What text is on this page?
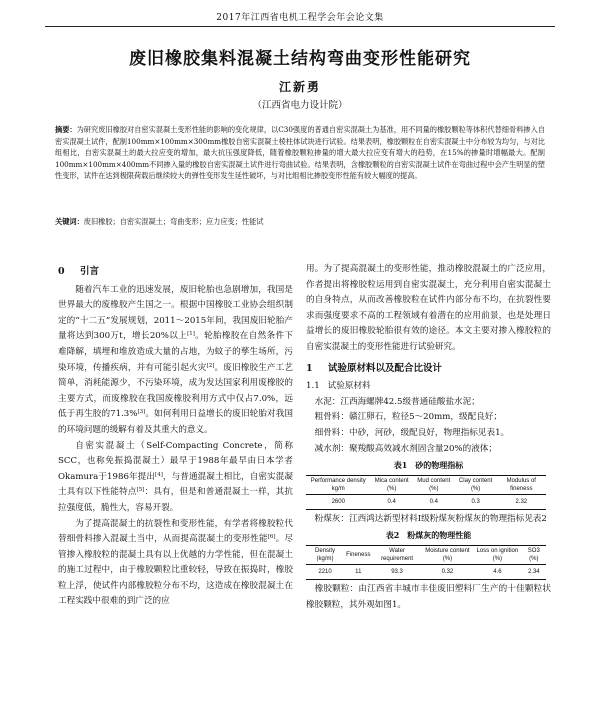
2017年江西省电机工程学会年会论文集
废旧橡胶集料混凝土结构弯曲变形性能研究
江新勇
（江西省电力设计院）
摘要：为研究废旧橡胶对自密实混凝土变形性能的影响的变化规律，以C30强度的普通自密实混凝土为基准，用不同量的橡胶颗粒等体积代替细骨料掺入自密实混凝土试件，配制100mm×100mm×300mm橡胶自密实混凝土棱柱体试块进行试验。结果表明，橡胶颗粒在自密实混凝土中分布较为均匀，与对比组相比，自密实混凝土的最大拉应变的增加，最大抗压强度降低，随着橡胶颗粒掺量的增大最大拉应变有增大的趋势，在15%的掺量时增幅最大。配制100mm×100mm×400mm不同掺入量的橡胶自密实混凝土试件进行弯曲试验。结果表明，含橡胶颗粒的自密实混凝土试件在弯曲过程中会产生明显的塑性变形，试件在达到极限荷载后继续较大的弹性变形发生延性破坏，与对比组相比掺胶变形性能有较大幅度的提高。
关键词：废旧橡胶；自密实混凝土；弯曲变形；应力应变；性能试
0 引言

随着汽车工业的迅速发展，废旧轮胎也急剧增加，我国是世界最大的废橡胶产生国之一。根据中国橡胶工业协会组织制定的“十二五”发展规划，2011～2015年间，我国废旧轮胎产量将达到300万t，增长20%以上[1]。轮胎橡胶在自然条件下难降解，填埋和堆放造成大量的占地，为蚊子的孳生场所，污染环境，传播疾病，并有可能引起火灾[2]。废旧橡胶生产工艺简单，消耗能源少，不污染环境，成为发达国家利用废橡胶的主要方式，而废橡胶在我国废橡胶利用方式中仅占7.0%，远低于再生胶的71.3%[3]。如何利用日益增长的废旧轮胎对我国的环境问题的缓解有着及其重大的意义。

自密实混凝土（Self-Compacting Concrete，简称SCC，也称免振捣混凝土）最早于1988年最早由日本学者Okamura于1986年提出[4]，与普通混凝土相比，自密实混凝土具有以下性能特点[5]：具有，但是和普通混凝土一样，其抗拉强度低，脆性大，容易开裂。

为了提高混凝土的抗裂性和变形性能，有学者将橡胶粒代替细骨料掺入混凝土当中，从而提高混凝土的变形性能[6]。尽管掺入橡胶粒的混凝土具有以上优越的力学性能，但在混凝土的施工过程中，由于橡胶颗粒比重较轻，导致在振捣时，橡胶粒上浮，使试件内部橡胶粒分布不均，这造成在橡胶混凝土在工程实践中很难的到广泛的应

用。为了提高混凝土的变形性能，推动橡胶混凝土的广泛应用，作者提出将橡胶粒运用到自密实混凝土，充分利用自密实混凝土的自身特点，从而改善橡胶粒在试件内部分布不均，在抗裂性要求而强度要求不高的工程领域有着潜在的应用前景，也是处理日益增长的废旧橡胶轮胎很有效的途径。本文主要对掺入橡胶粒的自密实混凝土的变形性能进行试验研究。

1 试验原材料以及配合比设计
1.1 试验原材料

水泥：江西海螺牌42.5级普通硅酸盐水泥；

粗骨料：赣江卵石，粒径5～20mm，级配良好；

细骨料：中砂，河砂，级配良好，物理指标见表1。

减水剂：聚羧酸高效减水剂固含量20%的液体；

表1　砂的物理指标
Performance density kg/m	Mica content (%)	Mud content (%)	Clay content (%)	Modulus of fineness
2600	0.4	0.4	0.3	2.32

粉煤灰：江西鸿达新型材料Ⅰ级粉煤灰粉煤灰的物理指标见表2

表2　粉煤灰的物理性能
Density (kg/m)	Fineness	Water requirement	Moisture content (%)	Loss on ignition (%)	SO3 (%)
2210	11	93.3	0.32	4.6	2.34

橡胶颗粒：由江西省丰城市丰佳废旧塑料厂生产的十佳颗粒状橡胶颗粒，其外观如图1。
